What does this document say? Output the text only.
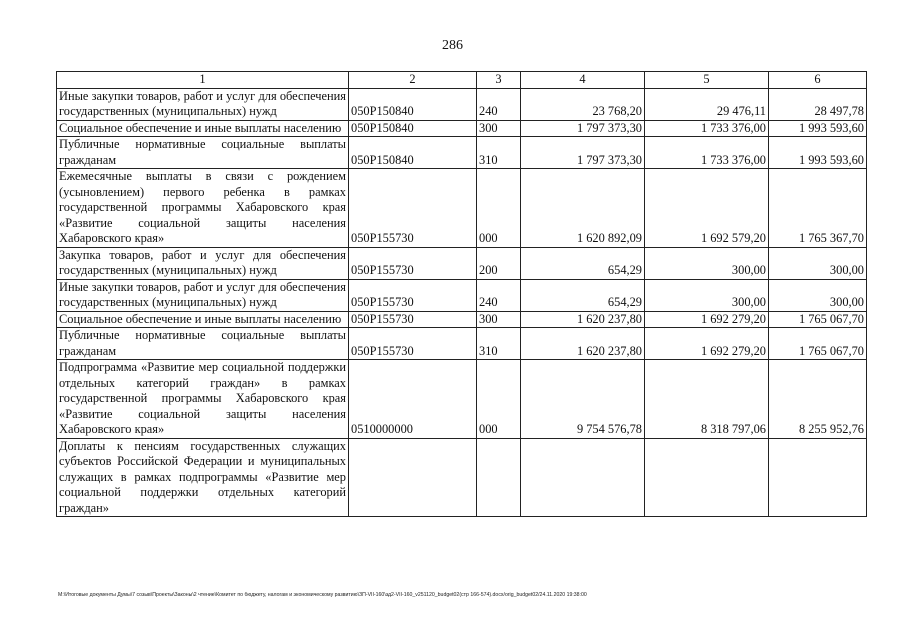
286
1	2	3	4	5	6
Иные закупки товаров, работ и услуг для обеспечения государственных (муниципальных) нужд	050P150840	240	23 768,20	29 476,11	28 497,78
Социальное обеспечение и иные выплаты населению	050P150840	300	1 797 373,30	1 733 376,00	1 993 593,60
Публичные нормативные социальные выплаты гражданам	050P150840	310	1 797 373,30	1 733 376,00	1 993 593,60
Ежемесячные выплаты в связи с рождением (усыновлением) первого ребенка в рамках государственной программы Хабаровского края «Развитие социальной защиты населения Хабаровского края»	050P155730	000	1 620 892,09	1 692 579,20	1 765 367,70
Закупка товаров, работ и услуг для обеспечения государственных (муниципальных) нужд	050P155730	200	654,29	300,00	300,00
Иные закупки товаров, работ и услуг для обеспечения государственных (муниципальных) нужд	050P155730	240	654,29	300,00	300,00
Социальное обеспечение и иные выплаты населению	050P155730	300	1 620 237,80	1 692 279,20	1 765 067,70
Публичные нормативные социальные выплаты гражданам	050P155730	310	1 620 237,80	1 692 279,20	1 765 067,70
Подпрограмма «Развитие мер социальной поддержки отдельных категорий граждан» в рамках государственной программы Хабаровского края «Развитие социальной защиты населения Хабаровского края»	0510000000	000	9 754 576,78	8 318 797,06	8 255 952,76
Доплаты к пенсиям государственных служащих субъектов Российской Федерации и муниципальных служащих в рамках подпрограммы «Развитие мер социальной поддержки отдельных категорий граждан»					
M:\Итоговые документы Думы\7 созыв\Проекты\Законы\2 чтение\Комитет по бюджету, налогам и экономическому развитию\ЗП-VII-160\зд2-VII-160_v251120_budget02(стр 166-574).docx/orig_budget02/24.11.2020 19:38:00
